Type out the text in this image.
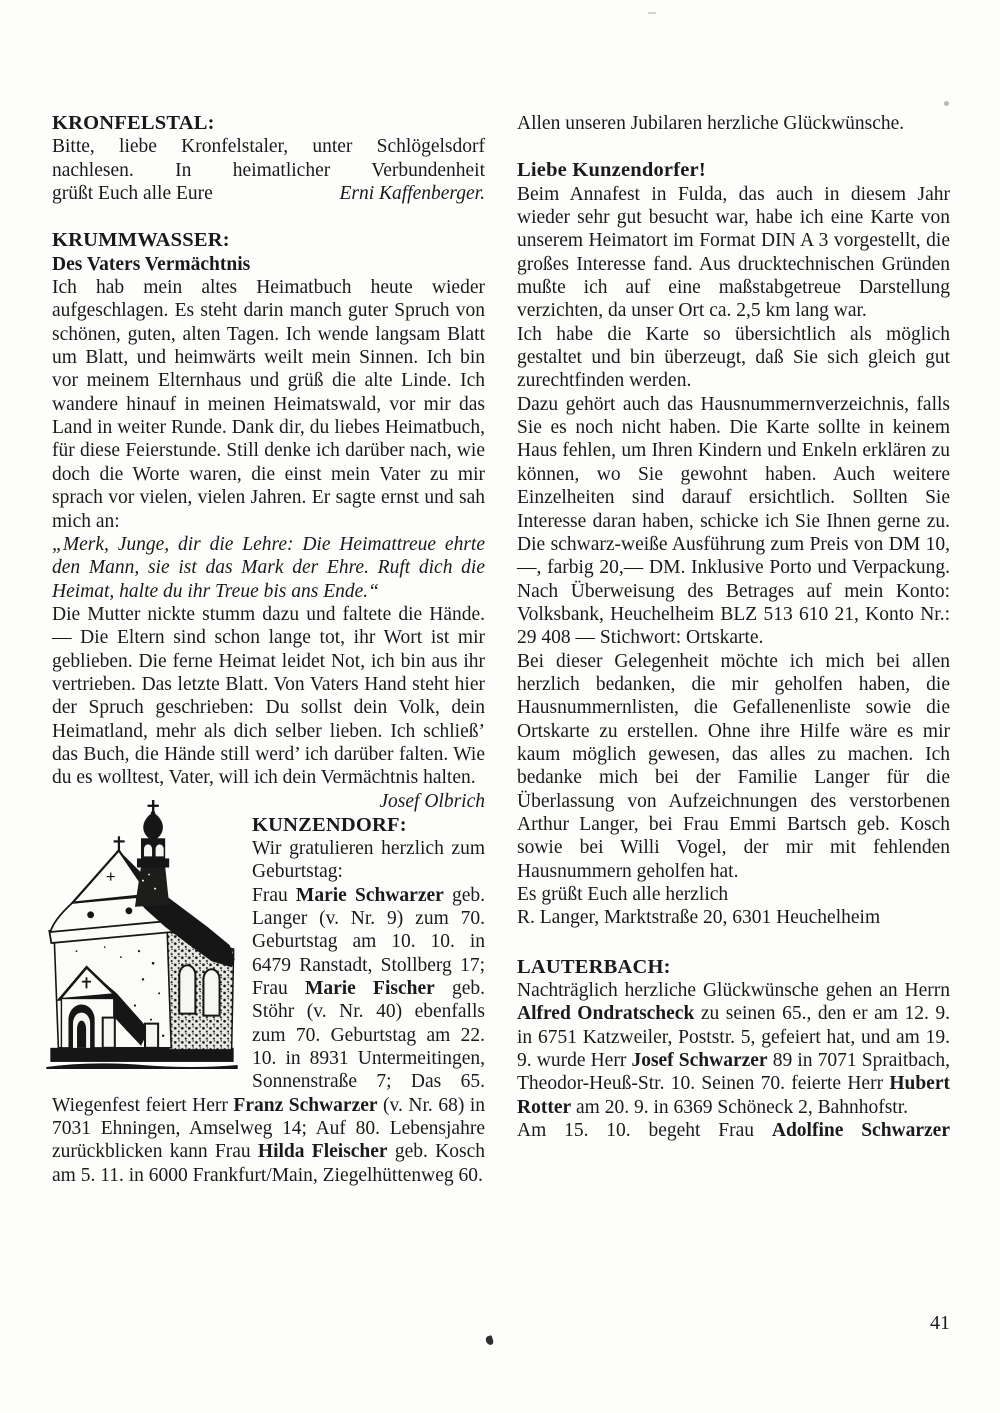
KRONFELSTAL:

Bitte, liebe Kronfelstaler, unter Schlögelsdorf nachlesen. In heimatlicher Verbundenheit

grüßt Euch alle Eure	Erni Kaffenberger.
KRUMMWASSER:

Des Vaters Vermächtnis

Ich hab mein altes Heimatbuch heute wieder aufgeschlagen. Es steht darin manch guter Spruch von schönen, guten, alten Tagen. Ich wende langsam Blatt um Blatt, und heimwärts weilt mein Sinnen. Ich bin vor meinem Elternhaus und grüß die alte Linde. Ich wandere hinauf in meinen Heimatswald, vor mir das Land in weiter Runde. Dank dir, du liebes Heimatbuch, für diese Feierstunde. Still denke ich darüber nach, wie doch die Worte waren, die einst mein Vater zu mir sprach vor vielen, vielen Jahren. Er sagte ernst und sah mich an:

„Merk, Junge, dir die Lehre: Die Heimattreue ehrte den Mann, sie ist das Mark der Ehre. Ruft dich die Heimat, halte du ihr Treue bis ans Ende.“

Die Mutter nickte stumm dazu und faltete die Hände. — Die Eltern sind schon lange tot, ihr Wort ist mir geblieben. Die ferne Heimat leidet Not, ich bin aus ihr vertrieben. Das letzte Blatt. Von Vaters Hand steht hier der Spruch geschrieben: Du sollst dein Volk, dein Heimatland, mehr als dich selber lieben. Ich schließ’ das Buch, die Hände still werd’ ich darüber falten. Wie du es wolltest, Vater, will ich dein Vermächtnis halten.
Josef Olbrich

KUNZENDORF:

Wir gratulieren herzlich zum Geburtstag:

Frau Marie Schwarzer geb. Langer (v. Nr. 9) zum 70. Geburtstag am 10. 10. in 6479 Ranstadt, Stollberg 17; Frau Marie Fischer geb. Stöhr (v. Nr. 40) ebenfalls zum 70. Geburtstag am 22. 10. in 8931 Untermeitingen, Sonnenstraße 7; Das 65. Wiegenfest feiert Herr Franz Schwarzer (v. Nr. 68) in 7031 Ehningen, Amselweg 14; Auf 80. Lebensjahre zurückblicken kann Frau Hilda Fleischer geb. Kosch am 5. 11. in 6000 Frankfurt/Main, Ziegelhüttenweg 60.

Allen unseren Jubilaren herzliche Glückwünsche.

Liebe Kunzendorfer!

Beim Annafest in Fulda, das auch in diesem Jahr wieder sehr gut besucht war, habe ich eine Karte von unserem Heimatort im Format DIN A 3 vorgestellt, die großes Interesse fand. Aus drucktechnischen Gründen mußte ich auf eine maßstabgetreue Darstellung verzichten, da unser Ort ca. 2,5 km lang war.

Ich habe die Karte so übersichtlich als möglich gestaltet und bin überzeugt, daß Sie sich gleich gut zurechtfinden werden.

Dazu gehört auch das Hausnummernverzeichnis, falls Sie es noch nicht haben. Die Karte sollte in keinem Haus fehlen, um Ihren Kindern und Enkeln erklären zu können, wo Sie gewohnt haben. Auch weitere Einzelheiten sind darauf ersichtlich. Sollten Sie Interesse daran haben, schicke ich Sie Ihnen gerne zu. Die schwarz-weiße Ausführung zum Preis von DM 10,—, farbig 20,— DM. Inklusive Porto und Verpackung. Nach Überweisung des Betrages auf mein Konto: Volksbank, Heuchelheim BLZ 513 610 21, Konto Nr.: 29 408 — Stichwort: Ortskarte.

Bei dieser Gelegenheit möchte ich mich bei allen herzlich bedanken, die mir geholfen haben, die Hausnummernlisten, die Gefallenenliste sowie die Ortskarte zu erstellen. Ohne ihre Hilfe wäre es mir kaum möglich gewesen, das alles zu machen. Ich bedanke mich bei der Familie Langer für die Überlassung von Aufzeichnungen des verstorbenen Arthur Langer, bei Frau Emmi Bartsch geb. Kosch sowie bei Willi Vogel, der mir mit fehlenden Hausnummern geholfen hat.

Es grüßt Euch alle herzlich

R. Langer, Marktstraße 20, 6301 Heuchelheim

LAUTERBACH:

Nachträglich herzliche Glückwünsche gehen an Herrn Alfred Ondratscheck zu seinen 65., den er am 12. 9. in 6751 Katzweiler, Poststr. 5, gefeiert hat, und am 19. 9. wurde Herr Josef Schwarzer 89 in 7071 Spraitbach, Theodor-Heuß-Str. 10. Seinen 70. feierte Herr Hubert Rotter am 20. 9. in 6369 Schöneck 2, Bahnhofstr.

Am 15. 10. begeht Frau Adolfine Schwarzer

41
